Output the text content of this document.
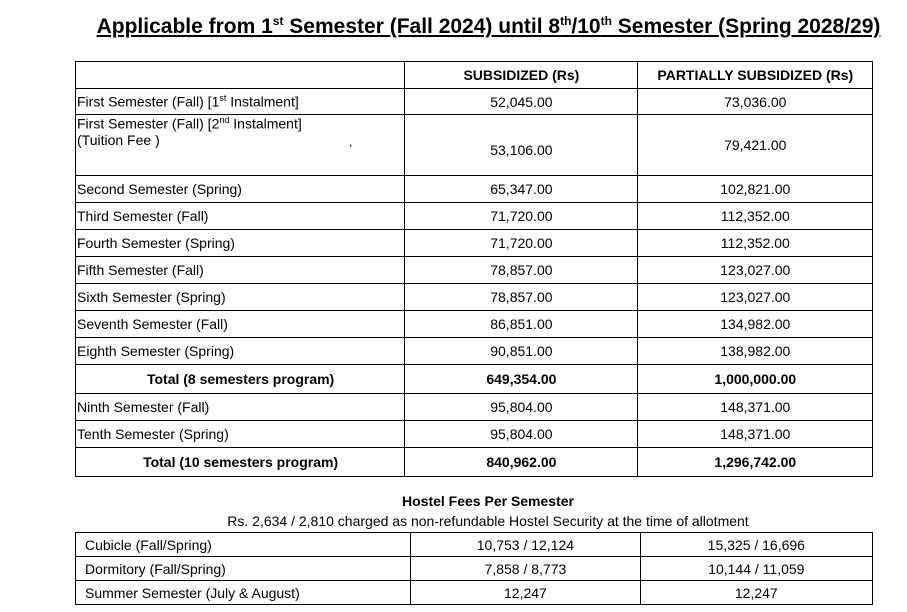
Applicable from 1st Semester (Fall 2024) until 8th/10th Semester (Spring 2028/29)
	SUBSIDIZED (Rs)	PARTIALLY SUBSIDIZED (Rs)
First Semester (Fall) [1st Instalment]	52,045.00	73,036.00

First Semester (Fall) [2nd Instalment]
(Tuition Fee ) ,	53,106.00	79,421.00
Second Semester (Spring)	65,347.00	102,821.00
Third Semester (Fall)	71,720.00	112,352.00
Fourth Semester (Spring)	71,720.00	112,352.00
Fifth Semester (Fall)	78,857.00	123,027.00
Sixth Semester (Spring)	78,857.00	123,027.00
Seventh Semester (Fall)	86,851.00	134,982.00
Eighth Semester (Spring)	90,851.00	138,982.00
Total (8 semesters program)	649,354.00	1,000,000.00
Ninth Semester (Fall)	95,804.00	148,371.00
Tenth Semester (Spring)	95,804.00	148,371.00
Total (10 semesters program)	840,962.00	1,296,742.00
Hostel Fees Per Semester
Rs. 2,634 / 2,810 charged as non-refundable Hostel Security at the time of allotment
Cubicle (Fall/Spring)	10,753 / 12,124	15,325 / 16,696
Dormitory (Fall/Spring)	7,858 / 8,773	10,144 / 11,059
Summer Semester (July & August)	12,247	12,247
